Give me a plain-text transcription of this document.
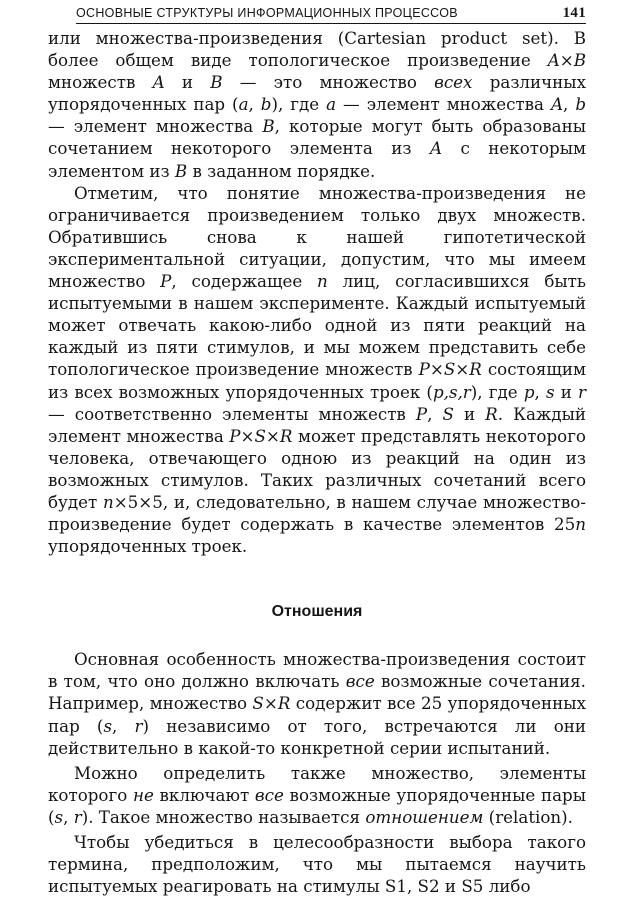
ОСНОВНЫЕ СТРУКТУРЫ ИНФОРМАЦИОННЫХ ПРОЦЕССОВ	141

или множества-произведения (Cartesian product set). В более общем виде топологическое произведение A×B множеств A и B — это множество всех различных упорядоченных пар (a, b), где a — элемент множества A, b — элемент множества B, которые могут быть образованы сочетанием некоторого элемента из A с некоторым элементом из B в заданном порядке.

Отметим, что понятие множества-произведения не ограничивается произведением только двух множеств. Обратившись снова к нашей гипотетической экспериментальной ситуации, допустим, что мы имеем множество P, содержащее n лиц, согласившихся быть испытуемыми в нашем эксперименте. Каждый испытуемый может отвечать какою-либо одной из пяти реакций на каждый из пяти стимулов, и мы можем представить себе топологическое произведение множеств P×S×R состоящим из всех возможных упорядоченных троек (p,s,r), где p, s и r — соответственно элементы множеств P, S и R. Каждый элемент множества P×S×R может представлять некоторого человека, отвечающего одною из реакций на один из возможных стимулов. Таких различных сочетаний всего будет n×5×5, и, следовательно, в нашем случае множество-произведение будет содержать в качестве элементов 25n упорядоченных троек.

Отношения

Основная особенность множества-произведения состоит в том, что оно должно включать все возможные сочетания. Например, множество S×R содержит все 25 упорядоченных пар (s, r) независимо от того, встречаются ли они действительно в какой-то конкретной серии испытаний.

Можно определить также множество, элементы которого не включают все возможные упорядоченные пары (s, r). Такое множество называется отношением (relation).

Чтобы убедиться в целесообразности выбора такого термина, предположим, что мы пытаемся научить испытуемых реагировать на стимулы S1, S2 и S5 либо
